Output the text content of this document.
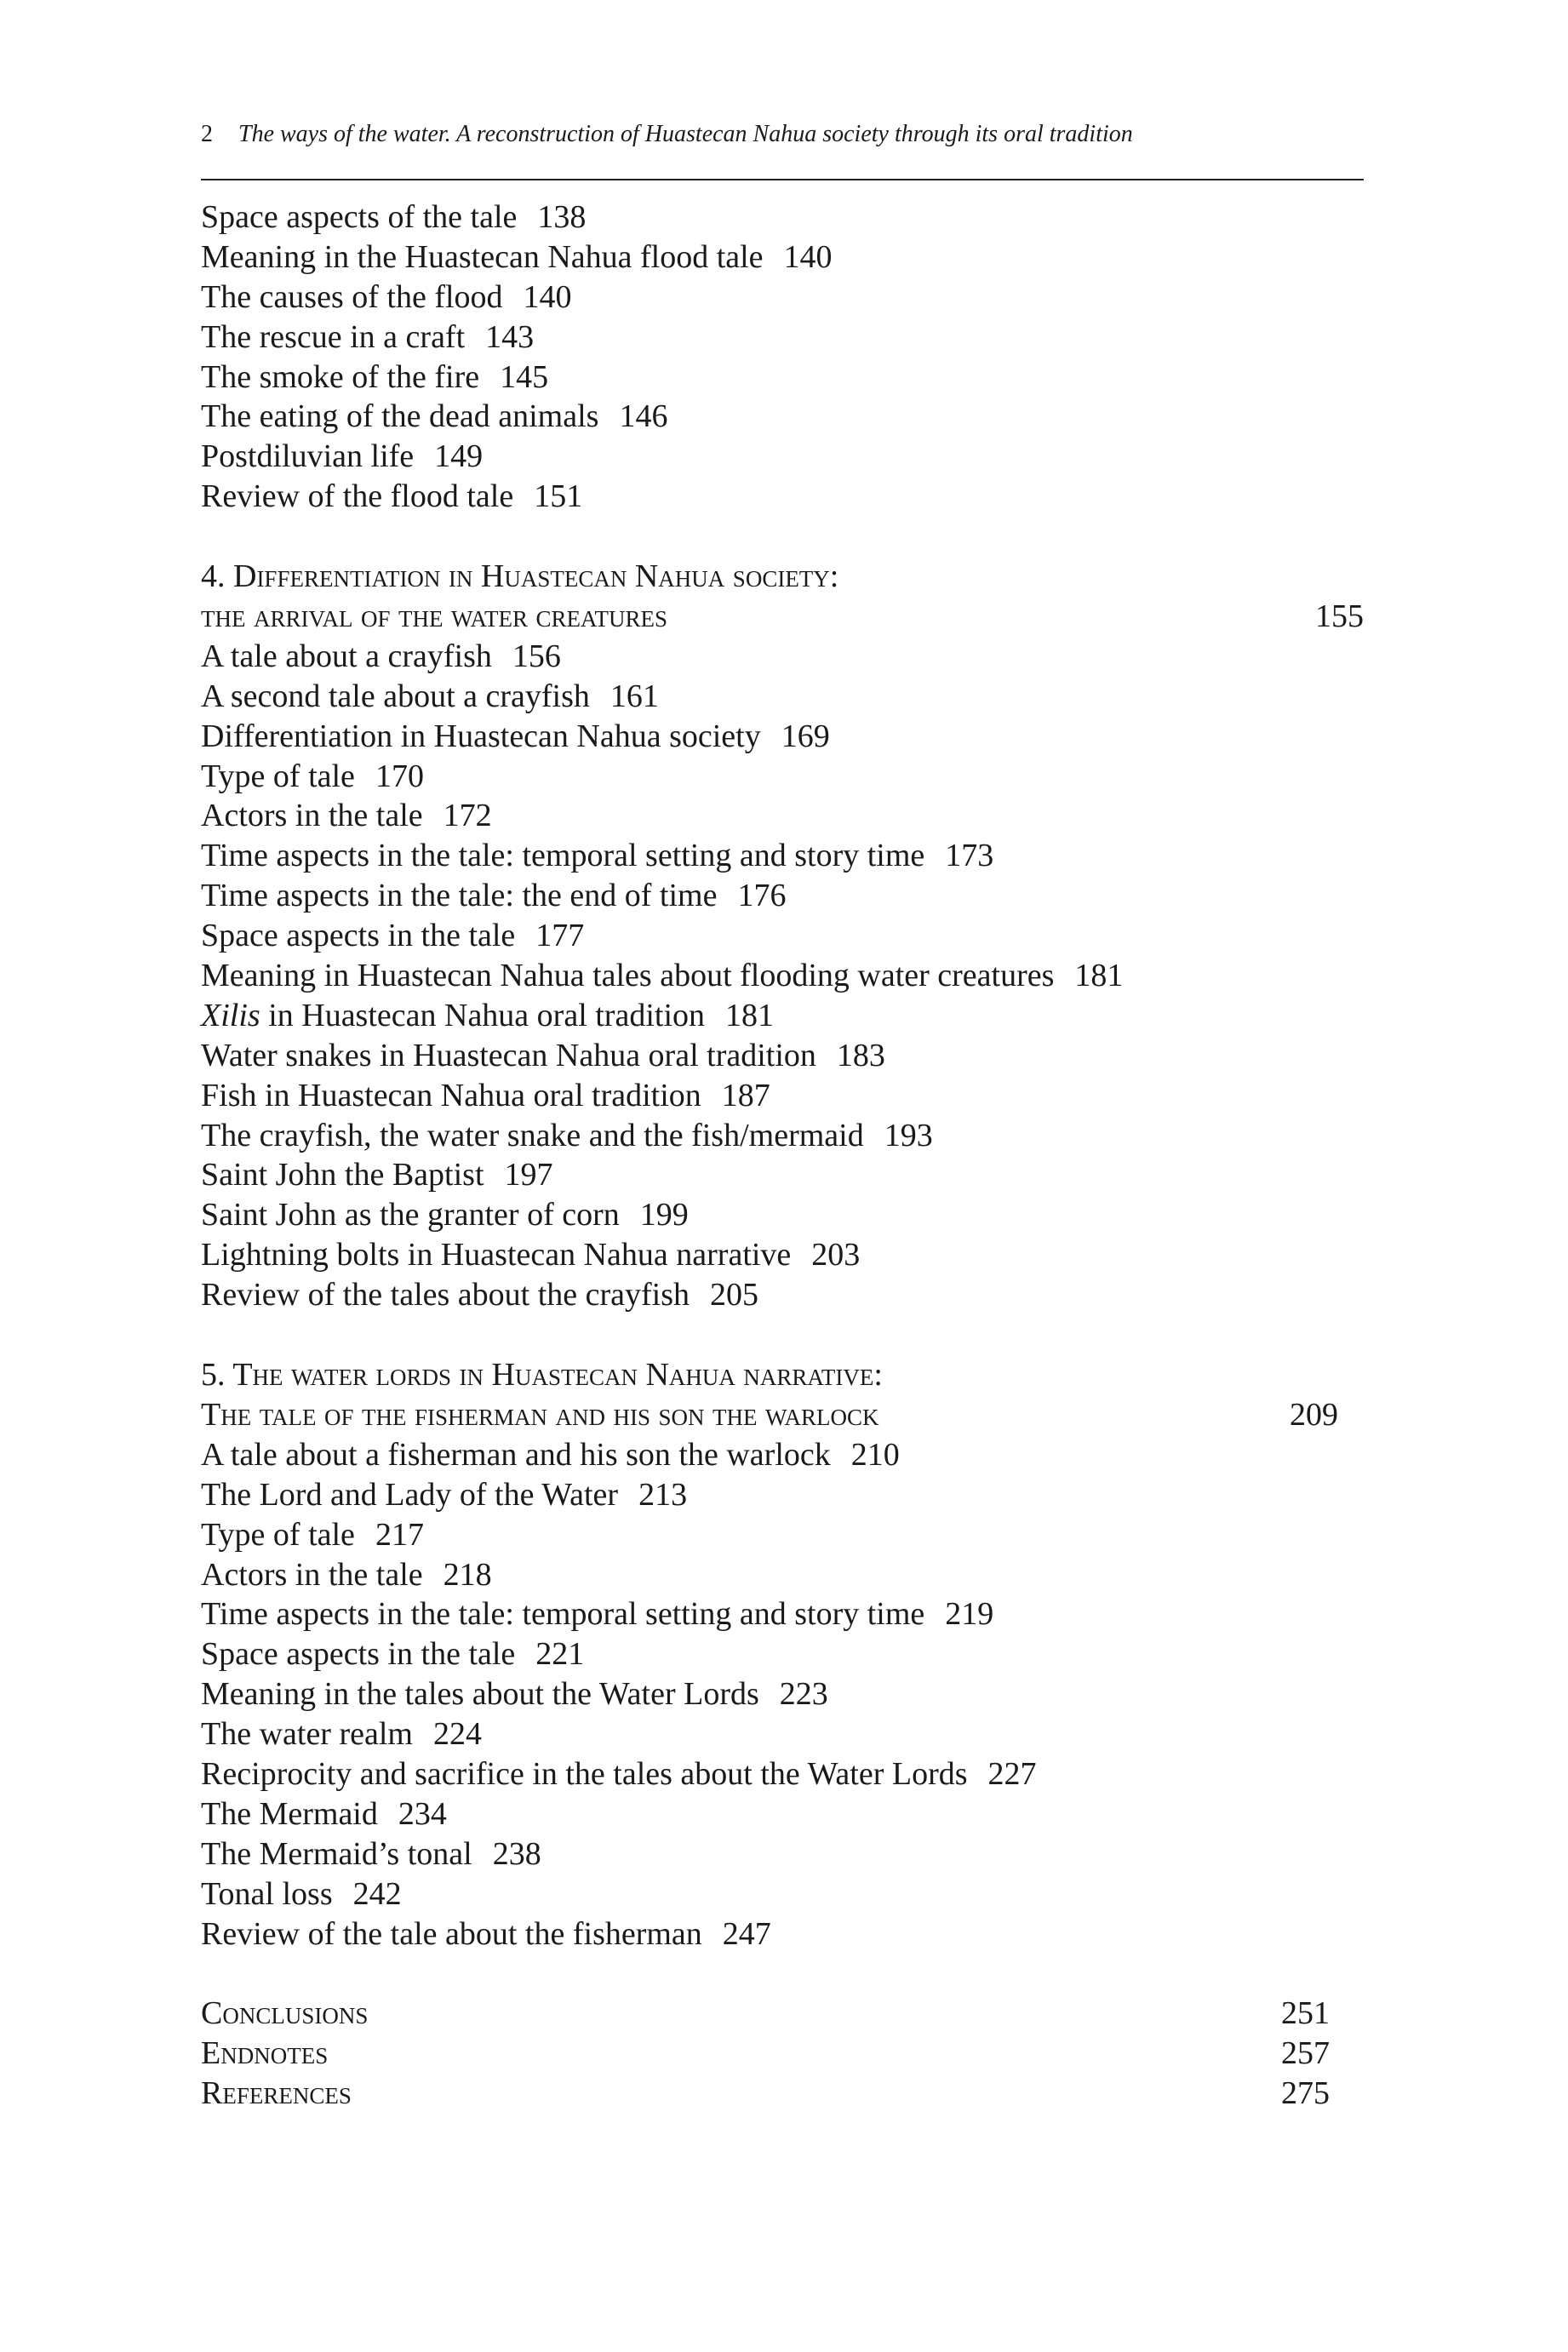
2 The ways of the water. A reconstruction of Huastecan Nahua society through its oral tradition
Space aspects of the tale 138
Meaning in the Huastecan Nahua flood tale 140
The causes of the flood 140
The rescue in a craft 143
The smoke of the fire 145
The eating of the dead animals 146
Postdiluvian life 149
Review of the flood tale 151
4. Differentiation in Huastecan Nahua society:
the arrival of the water creatures	155
A tale about a crayfish 156
A second tale about a crayfish 161
Differentiation in Huastecan Nahua society 169
Type of tale 170
Actors in the tale 172
Time aspects in the tale: temporal setting and story time 173
Time aspects in the tale: the end of time 176
Space aspects in the tale 177
Meaning in Huastecan Nahua tales about flooding water creatures 181
Xilis in Huastecan Nahua oral tradition 181
Water snakes in Huastecan Nahua oral tradition 183
Fish in Huastecan Nahua oral tradition 187
The crayfish, the water snake and the fish/mermaid 193
Saint John the Baptist 197
Saint John as the granter of corn 199
Lightning bolts in Huastecan Nahua narrative 203
Review of the tales about the crayfish 205
5. The water lords in Huastecan Nahua narrative:
The tale of the fisherman and his son the warlock	209
A tale about a fisherman and his son the warlock 210
The Lord and Lady of the Water 213
Type of tale 217
Actors in the tale 218
Time aspects in the tale: temporal setting and story time 219
Space aspects in the tale 221
Meaning in the tales about the Water Lords 223
The water realm 224
Reciprocity and sacrifice in the tales about the Water Lords 227
The Mermaid 234
The Mermaid’s tonal 238
Tonal loss 242
Review of the tale about the fisherman 247
Conclusions	251
Endnotes	257
References	275
